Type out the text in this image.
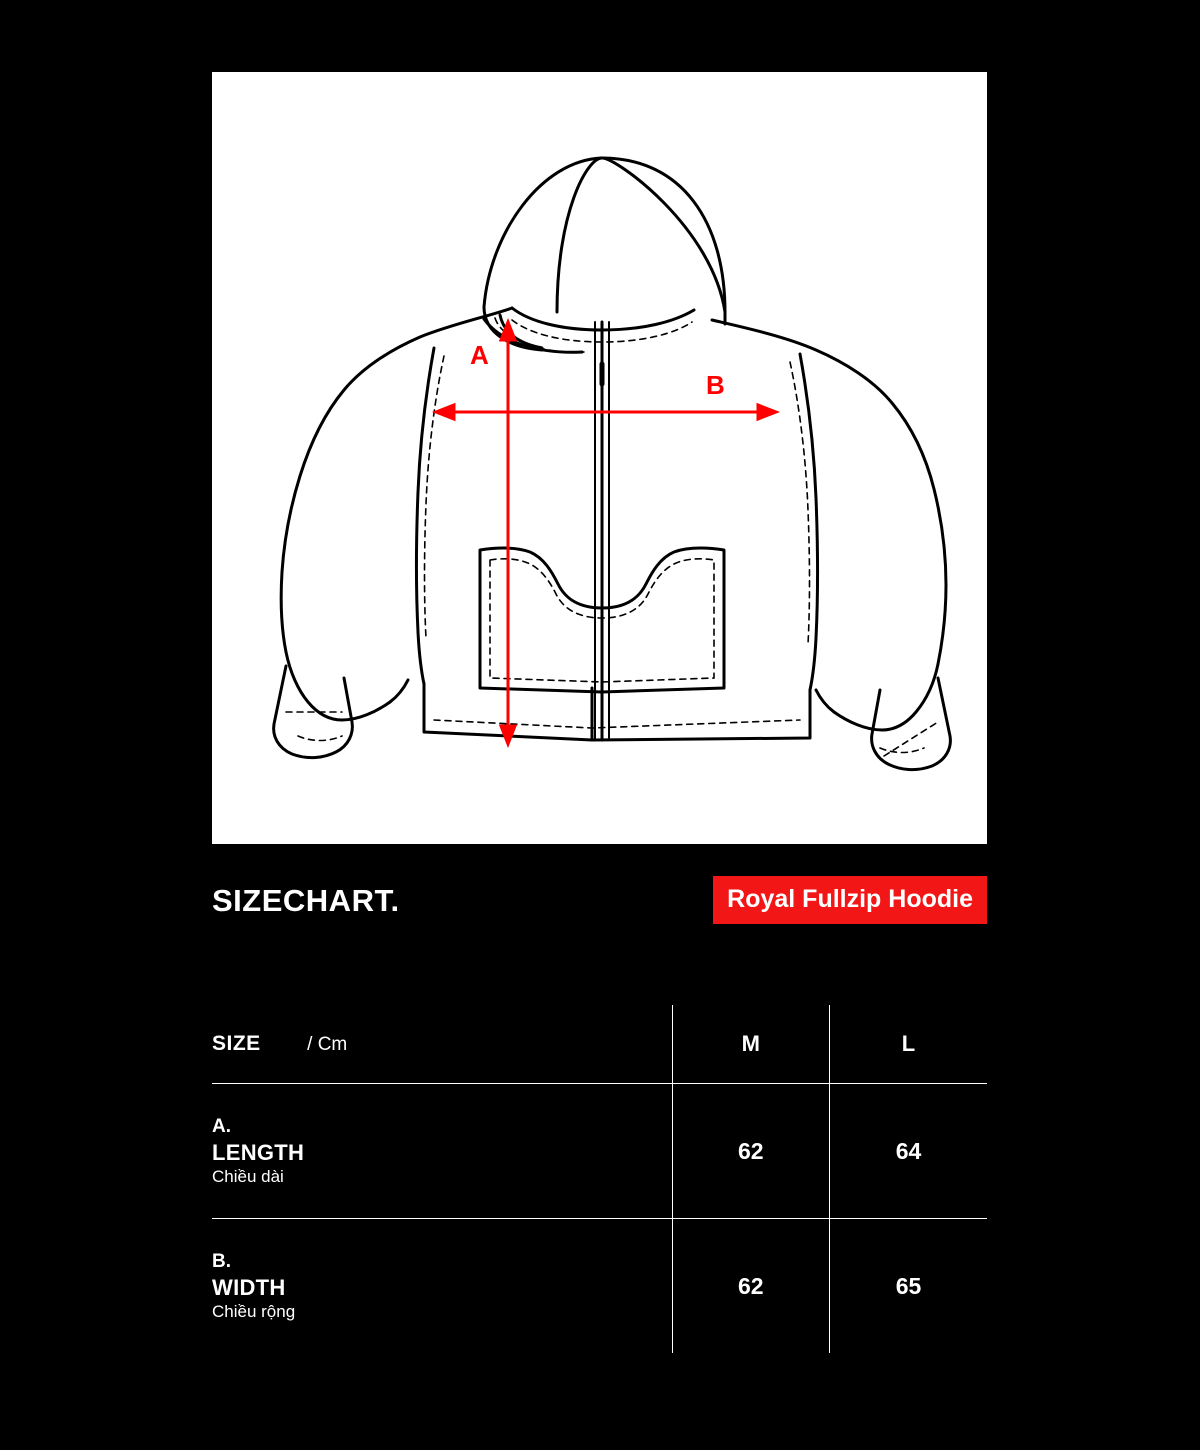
A
B
SIZECHART.	Royal Fullzip Hoodie
SIZE / Cm	M	L

A.
LENGTH
Chiều dài	62	64

B.
WIDTH
Chiều rộng	62	65
